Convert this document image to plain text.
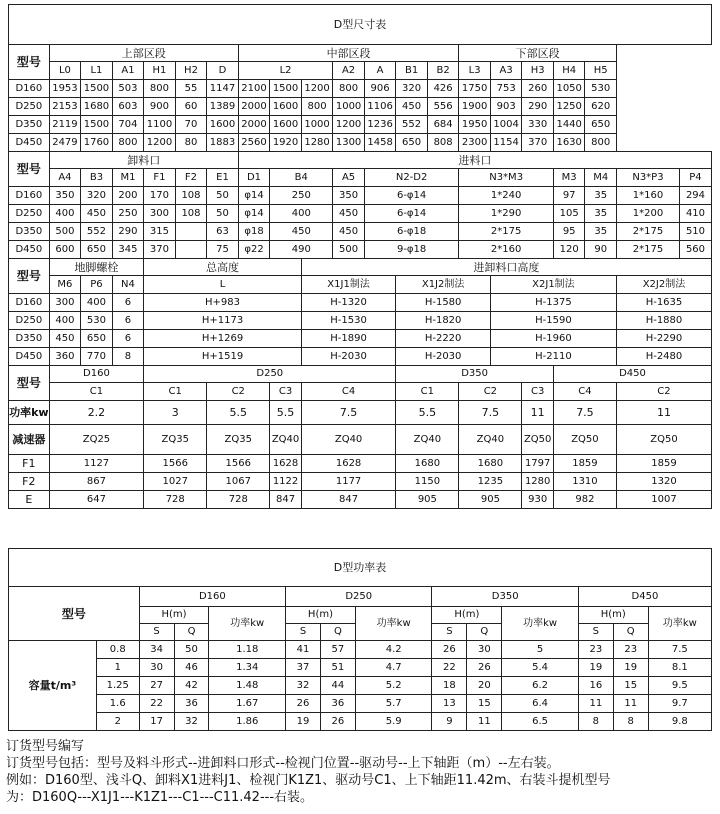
D型尺寸表																				
型号	上部区段						中部区段							下部区段						
	L0	L1	A1	H1	H2	D	L2			A2	A	B1	B2	L3	A3	H3	H4	H5		
D160	1953	1500	503	800	55	1147	2100	1500	1200	800	906	320	426	1750	753	260	1050	530		
D250	2153	1680	603	900	60	1389	2000	1600	800	1000	1106	450	556	1900	903	290	1250	620		
D350	2119	1500	704	1100	70	1600	2000	1600	1000	1200	1236	552	684	1950	1004	330	1440	650		
D450	2479	1760	800	1200	80	1883	2560	1920	1280	1300	1458	650	808	2300	1154	370	1630	800		
型号	卸料口						进料口													
	A4	B3	M1	F1	F2	E1	D1	B4		A5	N2-D2			N3*M3			M3	M4	N3*P3	P4
D160	350	320	200	170	108	50	φ14	250		350	6-φ14			1*240			97	35	1*160	294
D250	400	450	250	300	108	50	φ14	400		450	6-φ14			1*290			105	35	1*200	410
D350	500	552	290	315		63	φ18	450		450	6-φ18			2*175			95	35	2*175	510
D450	600	650	345	370		75	φ22	490		500	9-φ18			2*160			120	90	2*175	560
型号	地脚螺栓			总高度					进卸料口高度											
	M6	P6	N4	L					X1J1制法			X1J2制法			X2J1制法				X2J2制法	
D160	300	400	6	H+983					H-1320			H-1580			H-1375				H-1635	
D250	400	530	6	H+1173					H-1530			H-1820			H-1590				H-1880	
D350	450	650	6	H+1269					H-1890			H-2220			H-1960				H-2290	
D450	360	770	8	H+1519					H-2030			H-2030			H-2110				H-2480	
型号	D160			D250								D350					D450			
	C1			C1		C2		C3	C4			C1		C2		C3	C4		C2	
功率kw	2.2			3		5.5		5.5	7.5			5.5		7.5		11	7.5		11	
减速器	ZQ25			ZQ35		ZQ35		ZQ40	ZQ40			ZQ40		ZQ40		ZQ50	ZQ50		ZQ50	
F1	1127			1566		1566		1628	1628			1680		1680		1797	1859		1859	
F2	867			1027		1067		1122	1177			1150		1235		1280	1310		1320	
E	647			728		728		847	847			905		905		930	982		1007	
D型功率表													
型号		D160			D250			D350			D450		
		H(m)		功率kw	H(m)		功率kw	H(m)		功率kw	H(m)		功率kw
		S	Q		S	Q		S	Q		S	Q	
容量t/m³	0.8	34	50	1.18	41	57	4.2	26	30	5	23	23	7.5
	1	30	46	1.34	37	51	4.7	22	26	5.4	19	19	8.1
	1.25	27	42	1.48	32	44	5.2	18	20	6.2	16	15	9.5
	1.6	22	36	1.67	26	36	5.7	13	15	6.4	11	11	9.7
	2	17	32	1.86	19	26	5.9	9	11	6.5	8	8	9.8
订货型号编写
订货型号包括：型号及料斗形式--进卸料口形式--检视门位置--驱动号--上下轴距（m）--左右装。
例如：D160型、浅斗Q、卸料X1进料J1、检视门K1Z1、驱动号C1、上下轴距11.42m、右装斗提机型号
为：D160Q---X1J1---K1Z1---C1---C11.42---右装。
